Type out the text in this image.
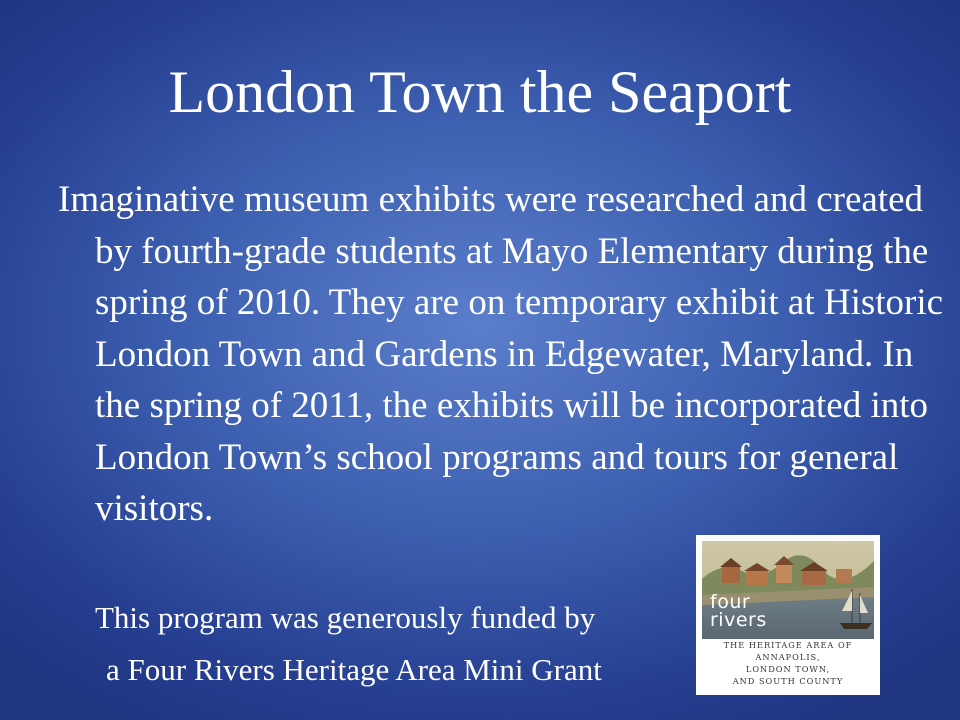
London Town the Seaport

Imaginative museum exhibits were researched and created by fourth-grade students at Mayo Elementary during the spring of 2010. They are on temporary exhibit at Historic London Town and Gardens in Edgewater, Maryland. In the spring of 2011, the exhibits will be incorporated into London Town’s school programs and tours for general visitors.

This program was generously funded by
a Four Rivers Heritage Area Mini Grant
four
rivers
THE HERITAGE AREA OF
ANNAPOLIS,
LONDON TOWN,
AND SOUTH COUNTY
